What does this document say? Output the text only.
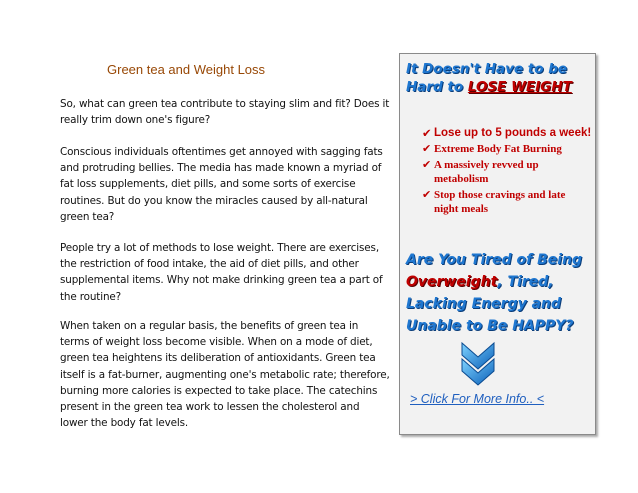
Green tea and Weight Loss
So, what can green tea contribute to staying slim and fit? Does it really trim down one's figure?
Conscious individuals oftentimes get annoyed with sagging fats and protruding bellies. The media has made known a myriad of fat loss supplements, diet pills, and some sorts of exercise routines. But do you know the miracles caused by all-natural green tea?
People try a lot of methods to lose weight. There are exercises, the restriction of food intake, the aid of diet pills, and other supplemental items. Why not make drinking green tea a part of the routine?
When taken on a regular basis, the benefits of green tea in terms of weight loss become visible. When on a mode of diet, green tea heightens its deliberation of antioxidants. Green tea itself is a fat-burner, augmenting one's metabolic rate; therefore, burning more calories is expected to take place. The catechins present in the green tea work to lessen the cholesterol and lower the body fat levels.
It Doesn't Have to be
Hard to LOSE WEIGHT
✔ Lose up to 5 pounds a week!
✔ Extreme Body Fat Burning
✔ A massively revved up metabolism
✔ Stop those cravings and late night meals
Are You Tired of Being
Overweight, Tired,
Lacking Energy and
Unable to Be HAPPY?
> Click For More Info.. <
